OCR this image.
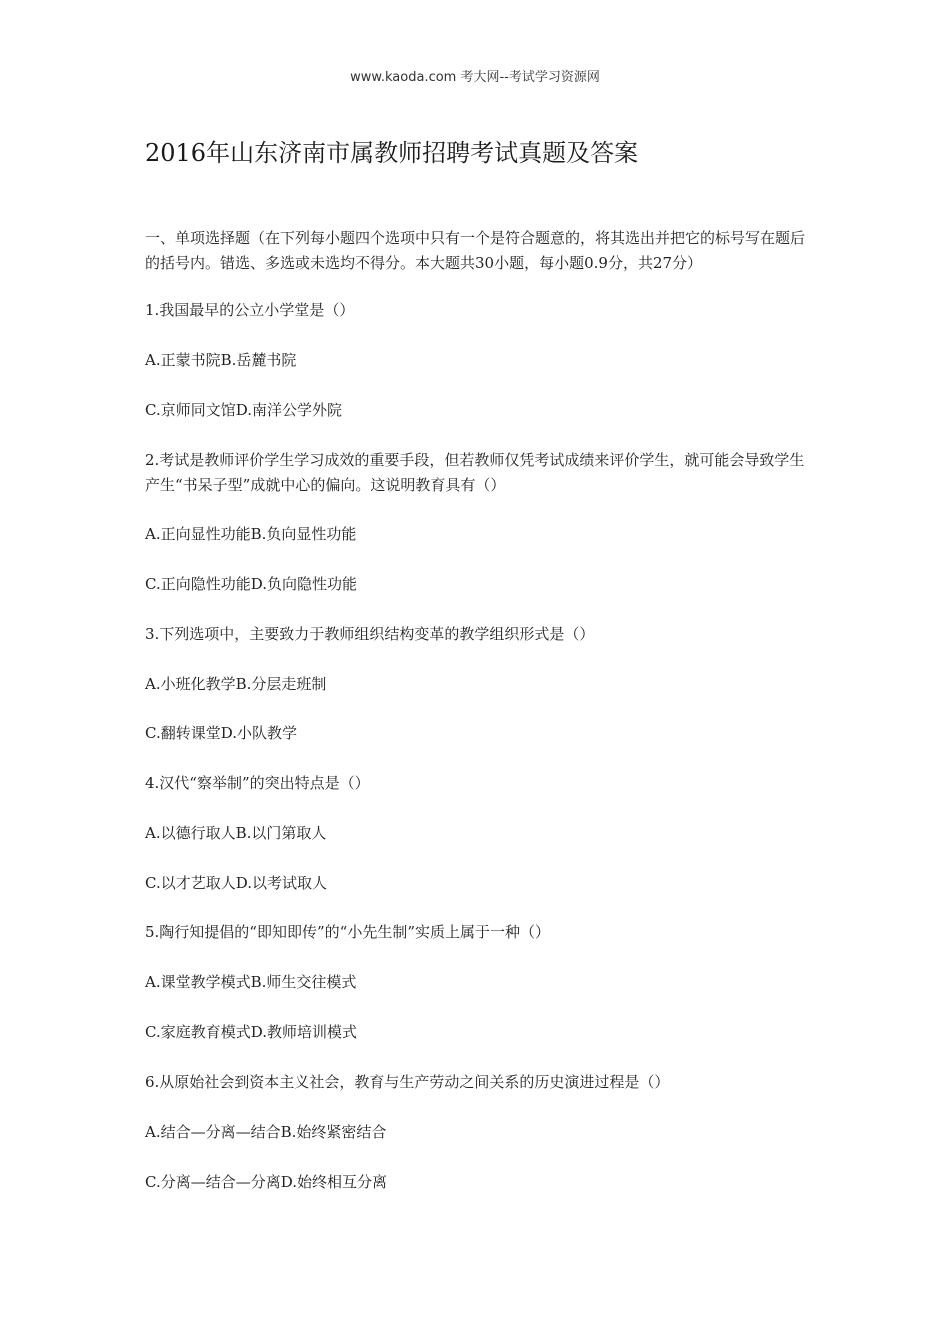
www.kaoda.com 考大网--考试学习资源网
2016年山东济南市属教师招聘考试真题及答案
一、单项选择题（在下列每小题四个选项中只有一个是符合题意的，将其选出并把它的标号写在题后的括号内。错选、多选或未选均不得分。本大题共30小题，每小题0.9分，共27分）
1.我国最早的公立小学堂是（）
A.正蒙书院B.岳麓书院
C.京师同文馆D.南洋公学外院
2.考试是教师评价学生学习成效的重要手段，但若教师仅凭考试成绩来评价学生，就可能会导致学生产生“书呆子型”成就中心的偏向。这说明教育具有（）
A.正向显性功能B.负向显性功能
C.正向隐性功能D.负向隐性功能
3.下列选项中，主要致力于教师组织结构变革的教学组织形式是（）
A.小班化教学B.分层走班制
C.翻转课堂D.小队教学
4.汉代“察举制”的突出特点是（）
A.以德行取人B.以门第取人
C.以才艺取人D.以考试取人
5.陶行知提倡的“即知即传”的“小先生制”实质上属于一种（）
A.课堂教学模式B.师生交往模式
C.家庭教育模式D.教师培训模式
6.从原始社会到资本主义社会，教育与生产劳动之间关系的历史演进过程是（）
A.结合—分离—结合B.始终紧密结合
C.分离—结合—分离D.始终相互分离
